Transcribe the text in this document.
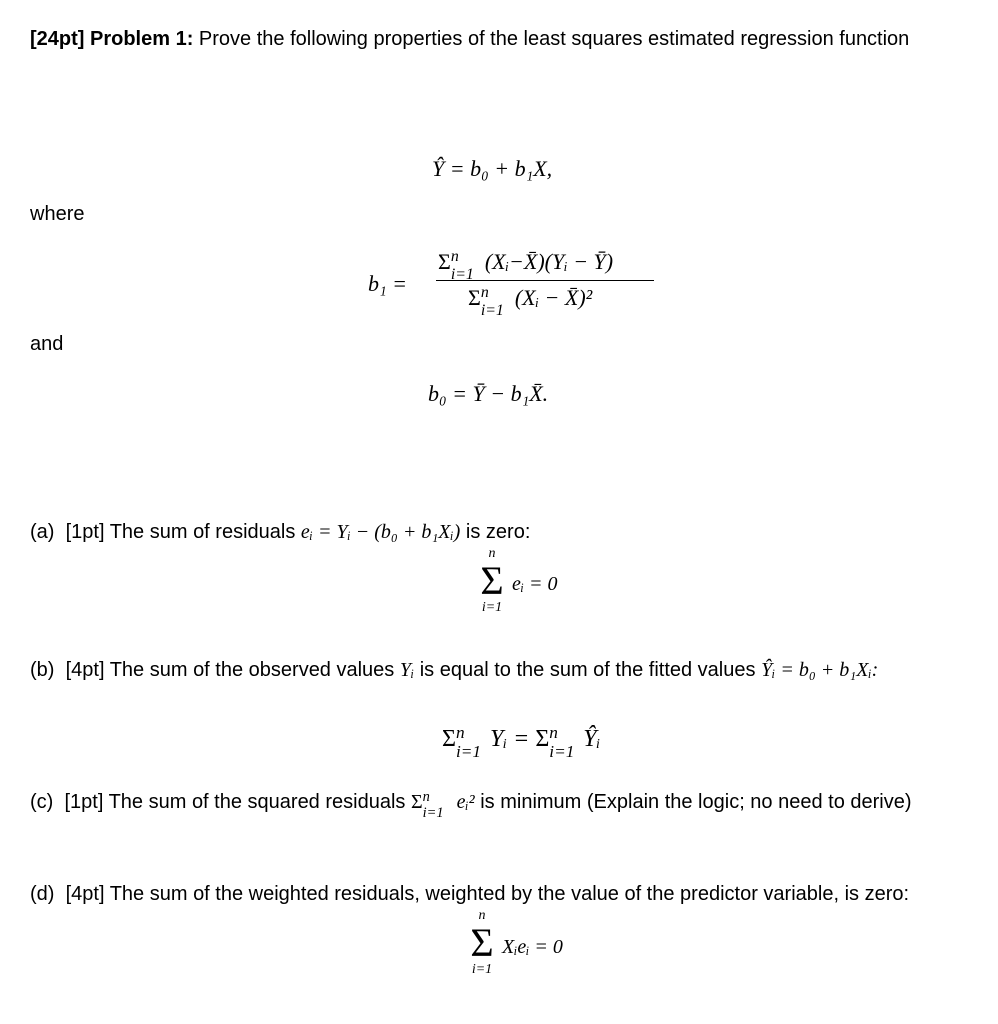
[24pt] Problem 1: Prove the following properties of the least squares estimated regression function
Ŷ = b₀ + b₁X,
where
b₁ =
Σ n
i=1
(Xᵢ−X̄)(Yᵢ − Ȳ)
Σ n
i=1
(Xᵢ − X̄)²
and
b₀ = Ȳ − b₁X̄.
(a) [1pt] The sum of residuals eᵢ = Yᵢ − (b₀ + b₁Xᵢ) is zero:
n
Σ
i=1
eᵢ = 0
(b) [4pt] The sum of the observed values Yᵢ is equal to the sum of the fitted values Ŷᵢ = b₀ + b₁Xᵢ:
Σ n
i=1 Yᵢ = Σ n
i=1 Ŷᵢ
(c) [1pt] The sum of the squared residuals Σ n
i=1
eᵢ² is minimum (Explain the logic; no need to derive)
(d) [4pt] The sum of the weighted residuals, weighted by the value of the predictor variable, is zero:
n
Σ
i=1
Xᵢeᵢ = 0
